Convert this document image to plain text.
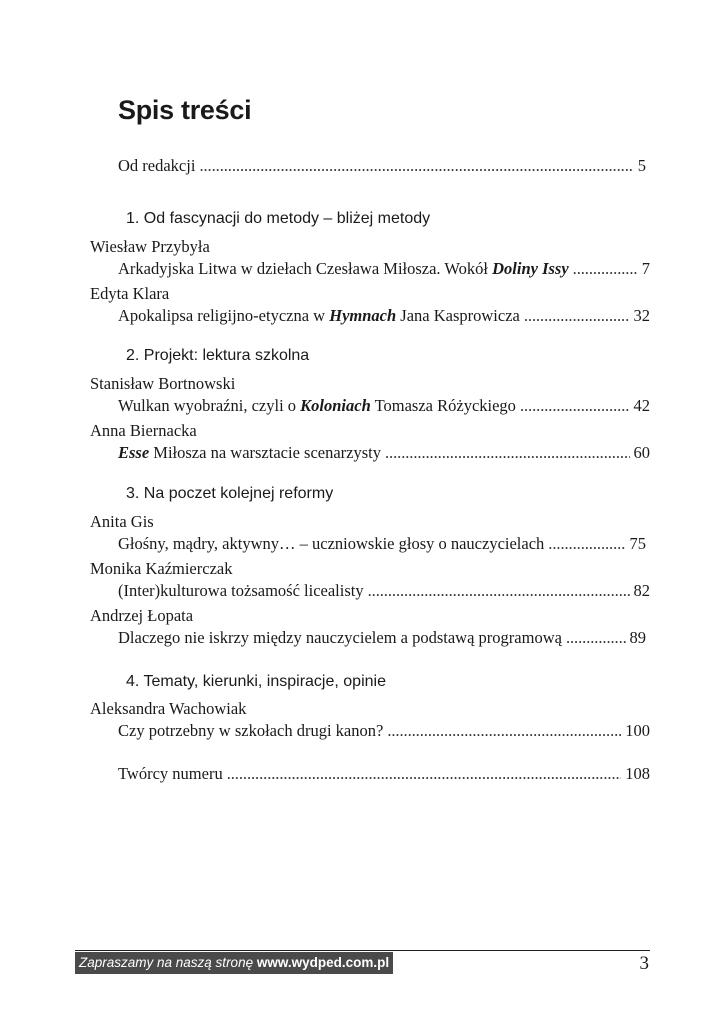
Spis treści
Od redakcji . . .	5
1. Od fascynacji do metody – bliżej metody
Wiesław Przybyła
Arkadyjska Litwa w dziełach Czesława Miłosza. Wokół Doliny Issy . . .	7
Edyta Klara
Apokalipsa religijno-etyczna w Hymnach Jana Kasprowicza . . .	32
2. Projekt: lektura szkolna
Stanisław Bortnowski
Wulkan wyobraźni, czyli o Koloniach Tomasza Różyckiego . . .	42
Anna Biernacka
Esse Miłosza na warsztacie scenarzysty . . .	60
3. Na poczet kolejnej reformy
Anita Gis
Głośny, mądry, aktywny… – uczniowskie głosy o nauczycielach . . .	75
Monika Kaźmierczak
(Inter)kulturowa tożsamość licealisty . . .	82
Andrzej Łopata
Dlaczego nie iskrzy między nauczycielem a podstawą programową . . .	89
4. Tematy, kierunki, inspiracje, opinie
Aleksandra Wachowiak
Czy potrzebny w szkołach drugi kanon? . . .	100
Twórcy numeru . . .	108
Zapraszamy na naszą stronę www.wydped.com.pl	3
